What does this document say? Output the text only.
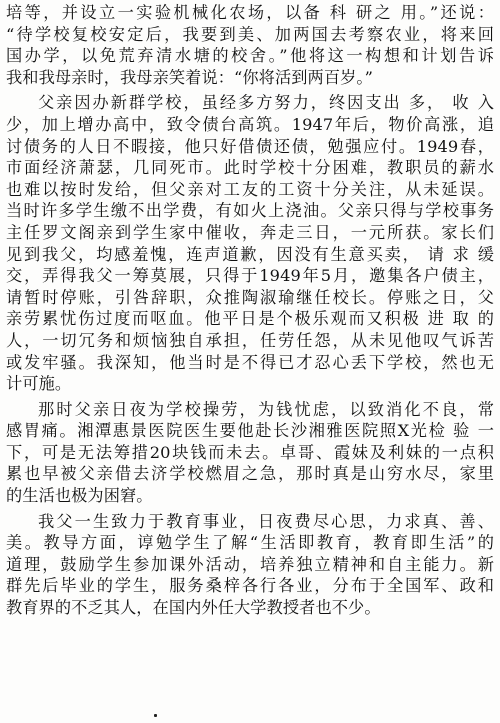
培等，并设立一实验机械化农场，以备 科 研之 用。”还说：
“待学校复校安定后，我要到美、加两国去考察农业，将来回
国办学，以免荒弃清水塘的校舍。”他将这一构想和计划告诉
我和我母亲时，我母亲笑着说：“你将活到两百岁。”
父亲因办新群学校，虽经多方努力，终因支出 多， 收 入
少，加上增办高中，致令债台高筑。1947年后，物价高涨，追
讨债务的人日不暇接，他只好借债还债，勉强应付。1949春，
市面经济萧瑟，几同死市。此时学校十分困难，教职员的薪水
也难以按时发给，但父亲对工友的工资十分关注，从未延误。
当时许多学生缴不出学费，有如火上浇油。父亲只得与学校事务
主任罗文阁亲到学生家中催收，奔走三日，一元所获。家长们
见到我父，均感羞愧，连声道歉，因没有生意买卖， 请 求 缓
交，弄得我父一筹莫展，只得于1949年5月，邀集各户债主，
请暂时停账，引咎辞职，众推陶淑瑜继任校长。停账之日，父
亲劳累忧伤过度而呕血。他平日是个极乐观而又积极 进 取 的
人，一切冗务和烦恼独自承担，任劳任怨，从未见他叹气诉苦
或发牢骚。我深知，他当时是不得已才忍心丢下学校，然也无
计可施。
那时父亲日夜为学校操劳，为钱忧虑，以致消化不良，常
感胃痛。湘潭惠景医院医生要他赴长沙湘雅医院照X光检 验 一
下，可是无法筹措20块钱而未去。卓哥、霞妹及利妹的一点积
累也早被父亲借去济学校燃眉之急，那时真是山穷水尽，家里
的生活也极为困窘。
我父一生致力于教育事业，日夜费尽心思，力求真、善、
美。教导方面，谆勉学生了解“生活即教育，教育即生活”的
道理，鼓励学生参加课外活动，培养独立精神和自主能力。新
群先后毕业的学生，服务桑梓各行各业，分布于全国军、政和
教育界的不乏其人，在国内外任大学教授者也不少。
